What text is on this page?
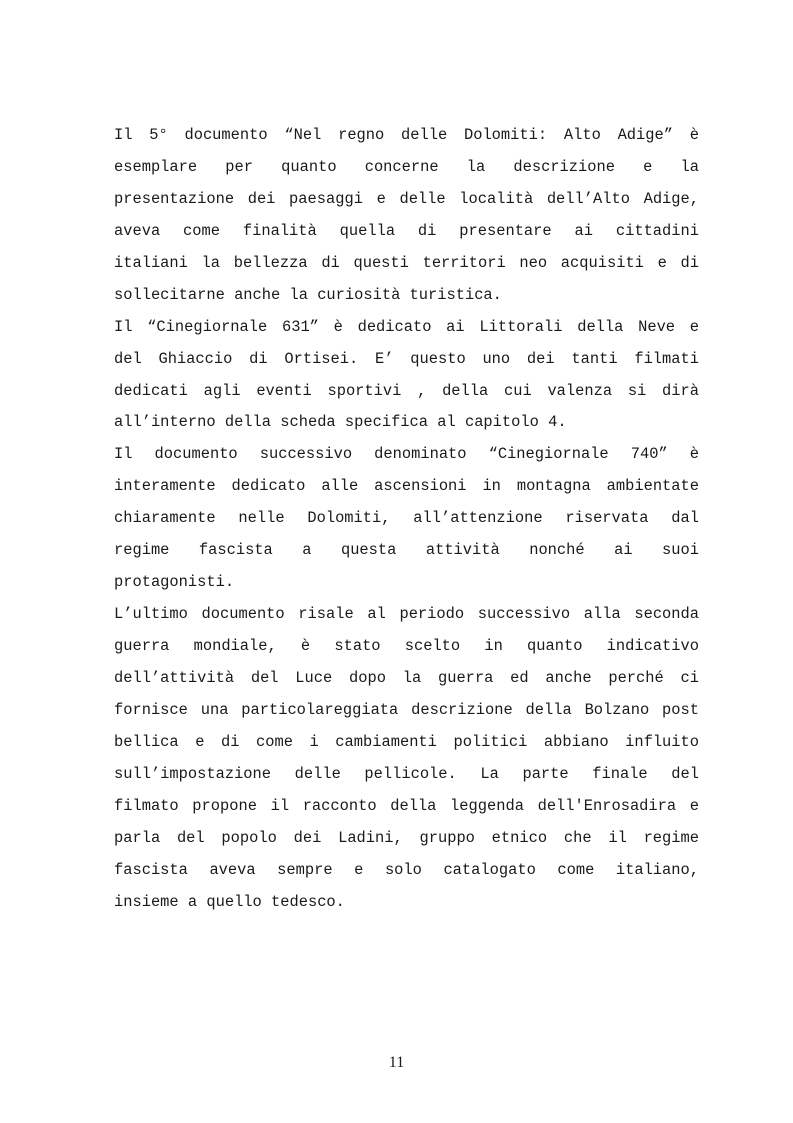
Il 5° documento “Nel regno delle Dolomiti: Alto Adige” è
esemplare per quanto concerne la descrizione e la
presentazione dei paesaggi e delle località dell’Alto Adige,
aveva come finalità quella di presentare ai cittadini
italiani la bellezza di questi territori neo acquisiti e di
sollecitarne anche la curiosità turistica.
Il “Cinegiornale 631” è dedicato ai Littorali della Neve e
del Ghiaccio di Ortisei. E’ questo uno dei tanti filmati
dedicati agli eventi sportivi , della cui valenza si dirà
all’interno della scheda specifica al capitolo 4.
Il documento successivo denominato “Cinegiornale 740” è
interamente dedicato alle ascensioni in montagna ambientate
chiaramente nelle Dolomiti, all’attenzione riservata dal
regime fascista a questa attività nonché ai suoi
protagonisti.
L’ultimo documento risale al periodo successivo alla seconda
guerra mondiale, è stato scelto in quanto indicativo
dell’attività del Luce dopo la guerra ed anche perché ci
fornisce una particolareggiata descrizione della Bolzano post
bellica e di come i cambiamenti politici abbiano influito
sull’impostazione delle pellicole. La parte finale del
filmato propone il racconto della leggenda dell'Enrosadira e
parla del popolo dei Ladini, gruppo etnico che il regime
fascista aveva sempre e solo catalogato come italiano,
insieme a quello tedesco.
11
